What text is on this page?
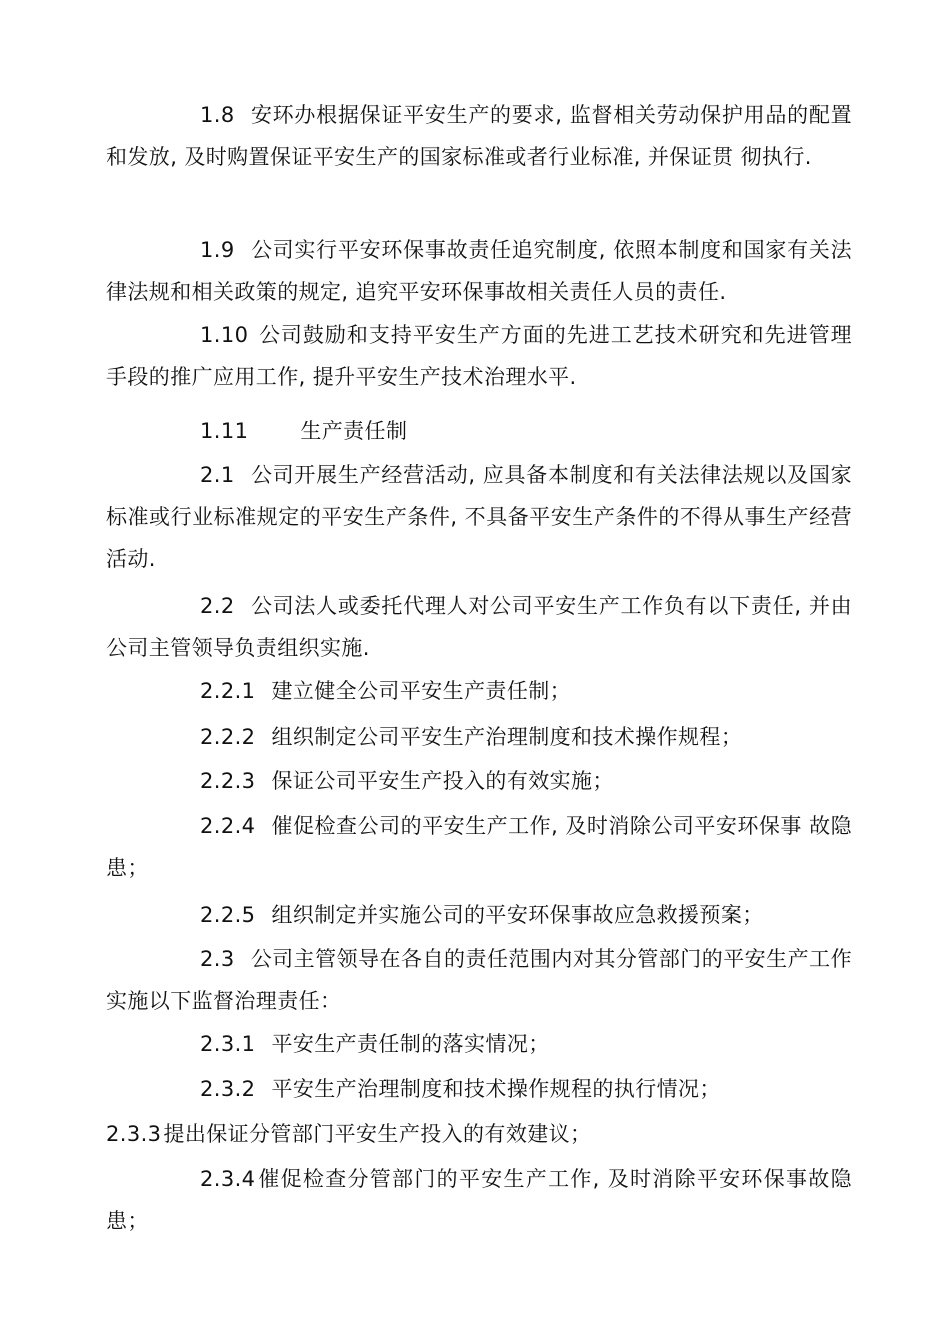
1.8 安环办根据保证平安生产的要求, 监督相关劳动保护用品的配置和发放, 及时购置保证平安生产的国家标准或者行业标准, 并保证贯 彻执行.

1.9 公司实行平安环保事故责任追究制度, 依照本制度和国家有关法律法规和相关政策的规定, 追究平安环保事故相关责任人员的责任.

1.10 公司鼓励和支持平安生产方面的先进工艺技术研究和先进管理手段的推广应用工作, 提升平安生产技术治理水平.

1.11 生产责任制

2.1 公司开展生产经营活动, 应具备本制度和有关法律法规以及国家标准或行业标准规定的平安生产条件, 不具备平安生产条件的不得从事生产经营活动.

2.2 公司法人或委托代理人对公司平安生产工作负有以下责任, 并由公司主管领导负责组织实施.

2.2.1 建立健全公司平安生产责任制；

2.2.2 组织制定公司平安生产治理制度和技术操作规程；

2.2.3 保证公司平安生产投入的有效实施；

2.2.4 催促检查公司的平安生产工作, 及时消除公司平安环保事 故隐患；

2.2.5 组织制定并实施公司的平安环保事故应急救援预案；

2.3 公司主管领导在各自的责任范围内对其分管部门的平安生产工作实施以下监督治理责任：

2.3.1 平安生产责任制的落实情况；

2.3.2 平安生产治理制度和技术操作规程的执行情况；

2.3.3提出保证分管部门平安生产投入的有效建议；

2.3.4催促检查分管部门的平安生产工作, 及时消除平安环保事故隐患；
